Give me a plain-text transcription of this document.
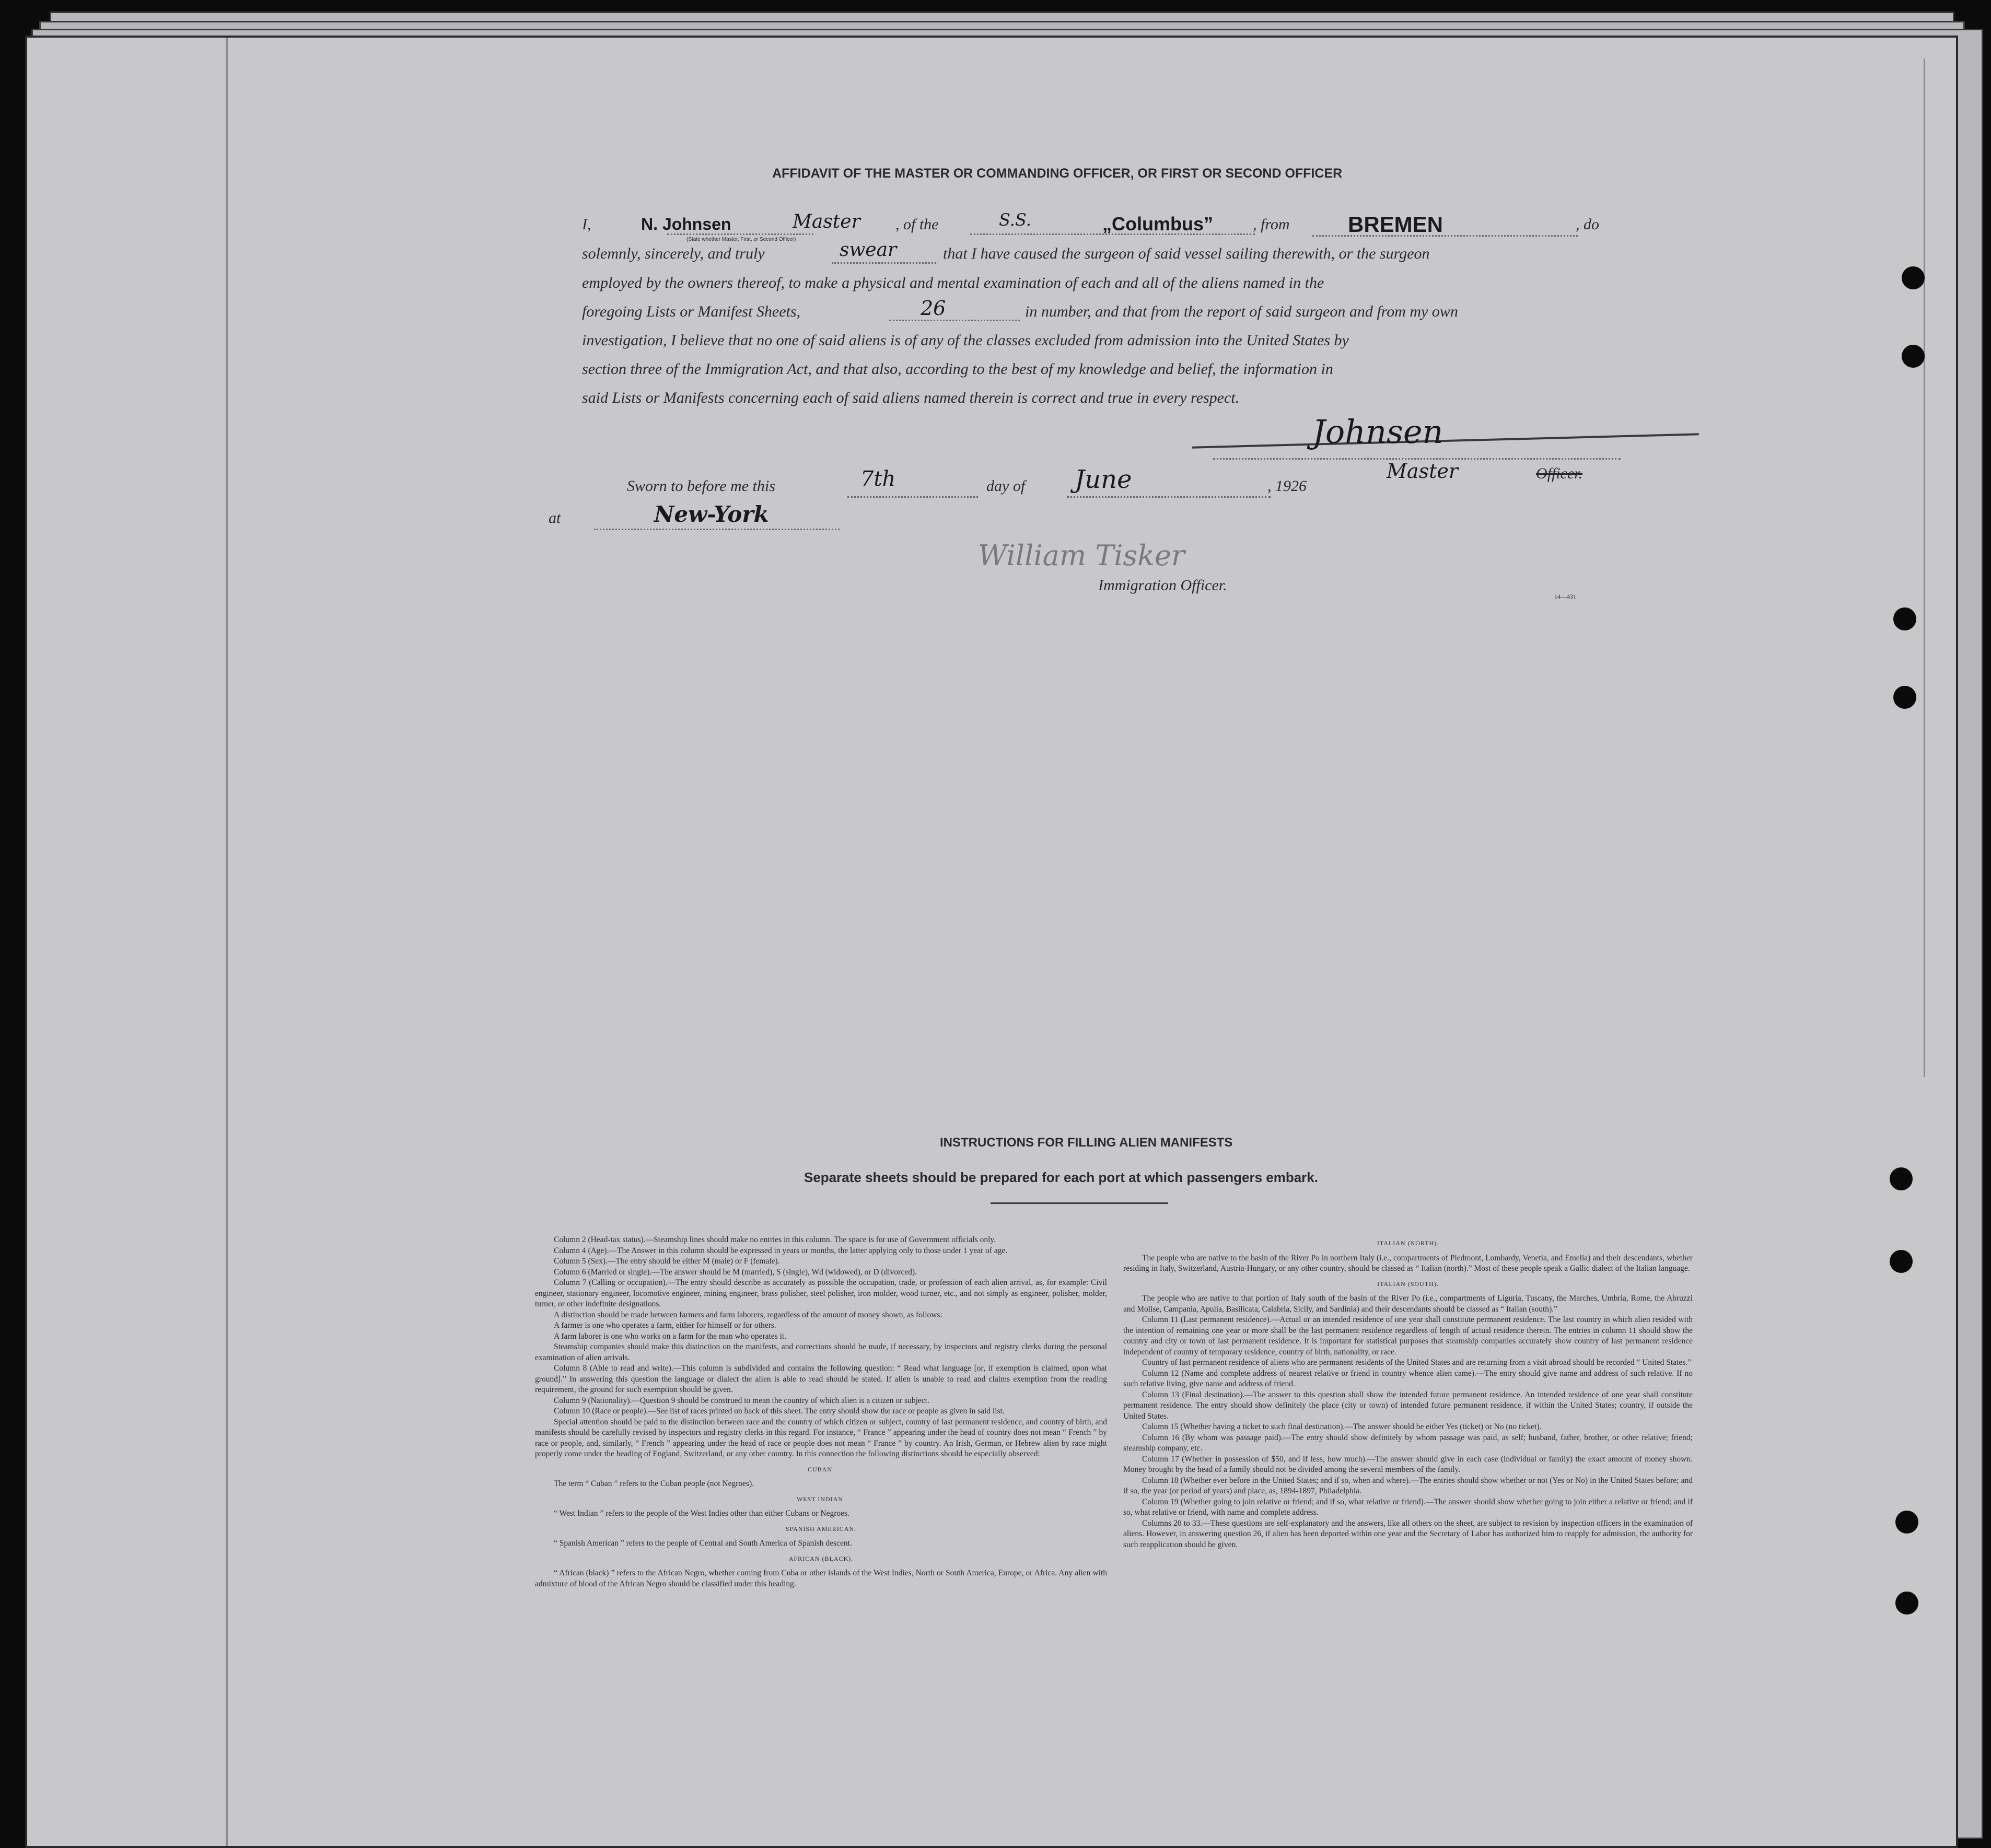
AFFIDAVIT OF THE MASTER OR COMMANDING OFFICER, OR FIRST OR SECOND OFFICER
I,	N. Johnsen
(State whether Master, First, or Second Officer)
Master , of the	S.S.	„Columbus”	, from	BREMEN	, do
solemnly, sincerely, and truly	swear	that I have caused the surgeon of said vessel sailing therewith, or the surgeon
employed by the owners thereof, to make a physical and mental examination of each and all of the aliens named in the
foregoing Lists or Manifest Sheets,	26	in number, and that from the report of said surgeon and from my own
investigation, I believe that no one of said aliens is of any of the classes excluded from admission into the United States by
section three of the Immigration Act, and that also, according to the best of my knowledge and belief, the information in
said Lists or Manifests concerning each of said aliens named therein is correct and true in every respect.
Johnsen
Master	Officer.
Sworn to before me this	7th	day of June	, 1926
at	New-York
William Tisker
Immigration Officer.
14—431
INSTRUCTIONS FOR FILLING ALIEN MANIFESTS
Separate sheets should be prepared for each port at which passengers embark.

Column 2 (Head-tax status).—Steamship lines should make no entries in this column. The space is for use of Government officials only.

Column 4 (Age).—The Answer in this column should be expressed in years or months, the latter applying only to those under 1 year of age.

Column 5 (Sex).—The entry should be either M (male) or F (female).

Column 6 (Married or single).—The answer should be M (married), S (single), Wd (widowed), or D (divorced).

Column 7 (Calling or occupation).—The entry should describe as accurately as possible the occupation, trade, or profession of each alien arrival, as, for example: Civil engineer, stationary engineer, locomotive engineer, mining engineer, brass polisher, steel polisher, iron molder, wood turner, etc., and not simply as engineer, polisher, molder, turner, or other indefinite designations.

A distinction should be made between farmers and farm laborers, regardless of the amount of money shown, as follows:

A farmer is one who operates a farm, either for himself or for others.

A farm laborer is one who works on a farm for the man who operates it.

Steamship companies should make this distinction on the manifests, and corrections should be made, if necessary, by inspectors and registry clerks during the personal examination of alien arrivals.

Column 8 (Able to read and write).—This column is subdivided and contains the following question: “ Read what language [or, if exemption is claimed, upon what ground].” In answering this question the language or dialect the alien is able to read should be stated. If alien is unable to read and claims exemption from the reading requirement, the ground for such exemption should be given.

Column 9 (Nationality).—Question 9 should be construed to mean the country of which alien is a citizen or subject.

Column 10 (Race or people).—See list of races printed on back of this sheet. The entry should show the race or people as given in said list.

Special attention should be paid to the distinction between race and the country of which citizen or subject, country of last permanent residence, and country of birth, and manifests should be carefully revised by inspectors and registry clerks in this regard. For instance, “ France ” appearing under the head of country does not mean “ French ” by race or people, and, similarly, “ French ” appearing under the head of race or people does not mean “ France ” by country. An Irish, German, or Hebrew alien by race might properly come under the heading of England, Switzerland, or any other country. In this connection the following distinctions should be especially observed:

CUBAN.

The term “ Cuban ” refers to the Cuban people (not Negroes).

WEST INDIAN.

“ West Indian ” refers to the people of the West Indies other than either Cubans or Negroes.

SPANISH AMERICAN.

“ Spanish American ” refers to the people of Central and South America of Spanish descent.

AFRICAN (BLACK).

“ African (black) ” refers to the African Negro, whether coming from Cuba or other islands of the West Indies, North or South America, Europe, or Africa. Any alien with admixture of blood of the African Negro should be classified under this heading.

ITALIAN (NORTH).

The people who are native to the basin of the River Po in northern Italy (i.e., compartments of Piedmont, Lombardy, Venetia, and Emelia) and their descendants, whether residing in Italy, Switzerland, Austria-Hungary, or any other country, should be classed as “ Italian (north).” Most of these people speak a Gallic dialect of the Italian language.

ITALIAN (SOUTH).

The people who are native to that portion of Italy south of the basin of the River Po (i.e., compartments of Liguria, Tuscany, the Marches, Umbria, Rome, the Abruzzi and Molise, Campania, Apulia, Basilicata, Calabria, Sicily, and Sardinia) and their descendants should be classed as “ Italian (south).”

Column 11 (Last permanent residence).—Actual or an intended residence of one year shall constitute permanent residence. The last country in which alien resided with the intention of remaining one year or more shall be the last permanent residence regardless of length of actual residence therein. The entries in column 11 should show the country and city or town of last permanent residence. It is important for statistical purposes that steamship companies accurately show country of last permanent residence independent of country of temporary residence, country of birth, nationality, or race.

Country of last permanent residence of aliens who are permanent residents of the United States and are returning from a visit abroad should be recorded “ United States.”

Column 12 (Name and complete address of nearest relative or friend in country whence alien came).—The entry should give name and address of such relative. If no such relative living, give name and address of friend.

Column 13 (Final destination).—The answer to this question shall show the intended future permanent residence. An intended residence of one year shall constitute permanent residence. The entry should show definitely the place (city or town) of intended future permanent residence, if within the United States; country, if outside the United States.

Column 15 (Whether having a ticket to such final destination).—The answer should be either Yes (ticket) or No (no ticket).

Column 16 (By whom was passage paid).—The entry should show definitely by whom passage was paid, as self; husband, father, brother, or other relative; friend; steamship company, etc.

Column 17 (Whether in possession of $50, and if less, how much).—The answer should give in each case (individual or family) the exact amount of money shown. Money brought by the head of a family should not be divided among the several members of the family.

Column 18 (Whether ever before in the United States; and if so, when and where).—The entries should show whether or not (Yes or No) in the United States before; and if so, the year (or period of years) and place, as, 1894-1897, Philadelphia.

Column 19 (Whether going to join relative or friend; and if so, what relative or friend).—The answer should show whether going to join either a relative or friend; and if so, what relative or friend, with name and complete address.

Columns 20 to 33.—These questions are self-explanatory and the answers, like all others on the sheet, are subject to revision by inspection officers in the examination of aliens. However, in answering question 26, if alien has been deported within one year and the Secretary of Labor has authorized him to reapply for admission, the authority for such reapplication should be given.
